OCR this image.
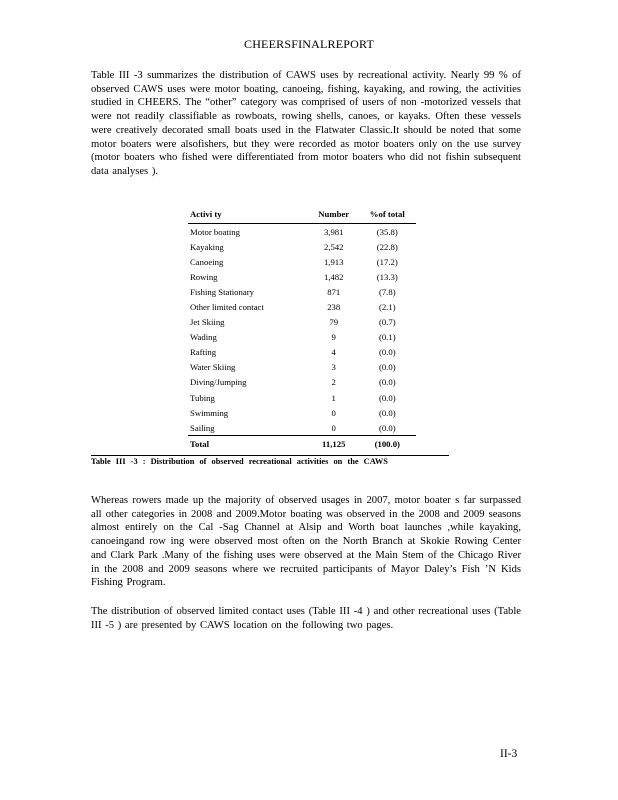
CHEERSFINALREPORT
Table III -3 summarizes the distribution of CAWS uses by recreational activity. Nearly 99 % of observed CAWS uses were motor boating, canoeing, fishing, kayaking, and rowing, the activities studied in CHEERS. The “other” category was comprised of users of non -motorized vessels that were not readily classifiable as rowboats, rowing shells, canoes, or kayaks. Often these vessels were creatively decorated small boats used in the Flatwater Classic.It should be noted that some motor boaters were alsofishers, but they were recorded as motor boaters only on the use survey (motor boaters who fished were differentiated from motor boaters who did not fishin subsequent data analyses ).
Activi ty	Number	%of total
Motor boating	3,981	(35.8)
Kayaking	2,542	(22.8)
Canoeing	1,913	(17.2)
Rowing	1,482	(13.3)
Fishing Stationary	871	(7.8)
Other limited contact	238	(2.1)
Jet Skiing	79	(0.7)
Wading	9	(0.1)
Rafting	4	(0.0)
Water Skiing	3	(0.0)
Diving/Jumping	2	(0.0)
Tubing	1	(0.0)
Swimming	0	(0.0)
Sailing	0	(0.0)
Total	11,125	(100.0)
Table III -3 : Distribution of observed recreational activities on the CAWS
Whereas rowers made up the majority of observed usages in 2007, motor boater s far surpassed all other categories in 2008 and 2009.Motor boating was observed in the 2008 and 2009 seasons almost entirely on the Cal -Sag Channel at Alsip and Worth boat launches ,while kayaking, canoeingand row ing were observed most often on the North Branch at Skokie Rowing Center and Clark Park .Many of the fishing uses were observed at the Main Stem of the Chicago River in the 2008 and 2009 seasons where we recruited participants of Mayor Daley’s Fish ’N Kids Fishing Program.
The distribution of observed limited contact uses (Table III -4 ) and other recreational uses (Table III -5 ) are presented by CAWS location on the following two pages.
II-3
